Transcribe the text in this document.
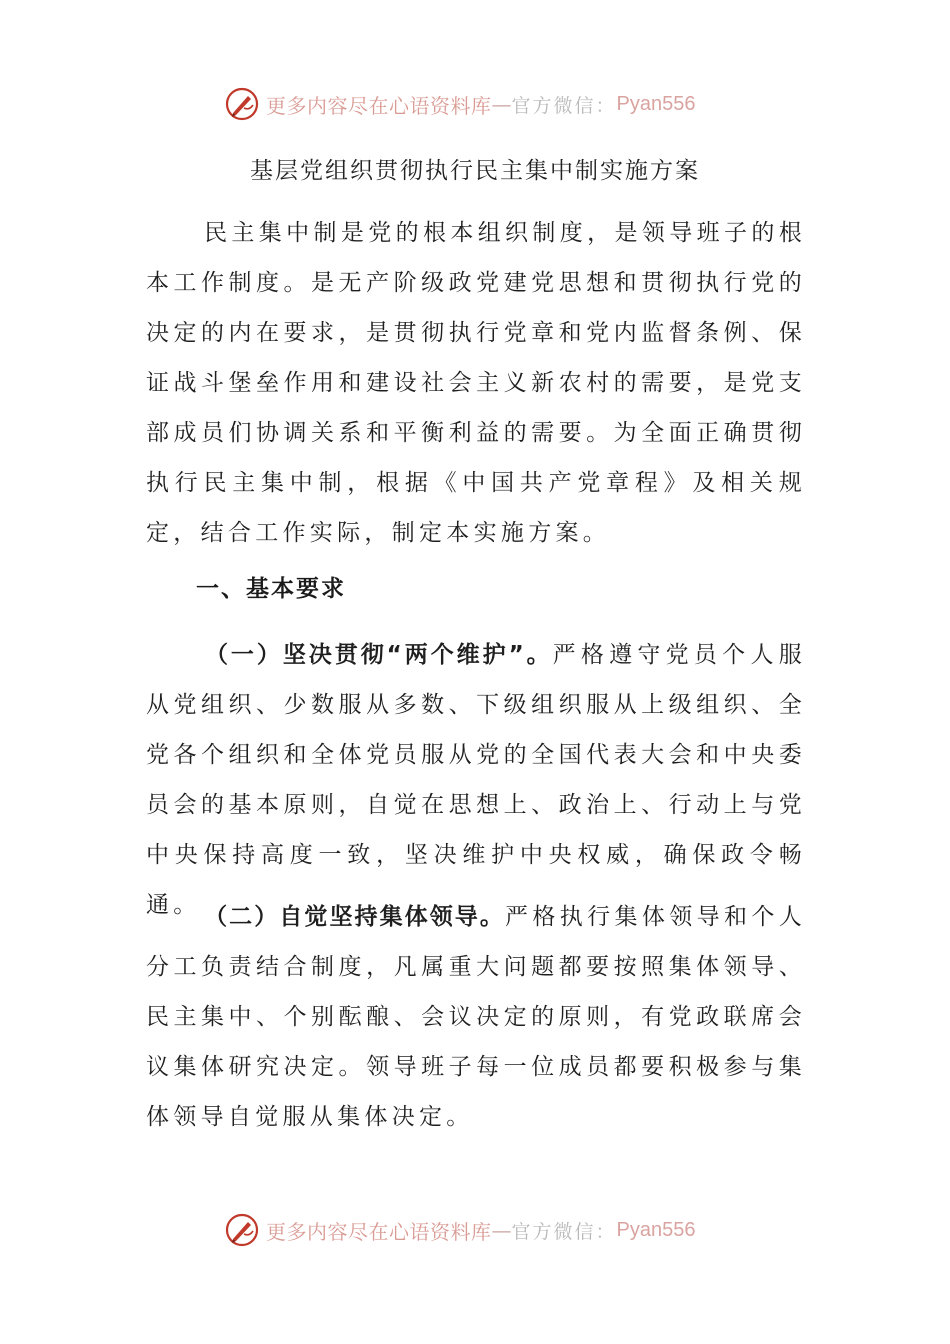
更多内容尽在心语资料库 — 官方微信： Pyan556
基层党组织贯彻执行民主集中制实施方案
民主集中制是党的根本组织制度，是领导班子的根本工作制度。是无产阶级政党建党思想和贯彻执行党的决定的内在要求，是贯彻执行党章和党内监督条例、保证战斗堡垒作用和建设社会主义新农村的需要，是党支部成员们协调关系和平衡利益的需要。为全面正确贯彻执行民主集中制，根据《中国共产党章程》及相关规定，结合工作实际，制定本实施方案。
一、基本要求
（一）坚决贯彻“两个维护”。严格遵守党员个人服从党组织、少数服从多数、下级组织服从上级组织、全党各个组织和全体党员服从党的全国代表大会和中央委员会的基本原则，自觉在思想上、政治上、行动上与党中央保持高度一致，坚决维护中央权威，确保政令畅通。 （二）自觉坚持集体领导。严格执行集体领导和个人分工负责结合制度，凡属重大问题都要按照集体领导、民主集中、个别酝酿、会议决定的原则，有党政联席会议集体研究决定。领导班子每一位成员都要积极参与集体领导自觉服从集体决定。
更多内容尽在心语资料库 — 官方微信： Pyan556
